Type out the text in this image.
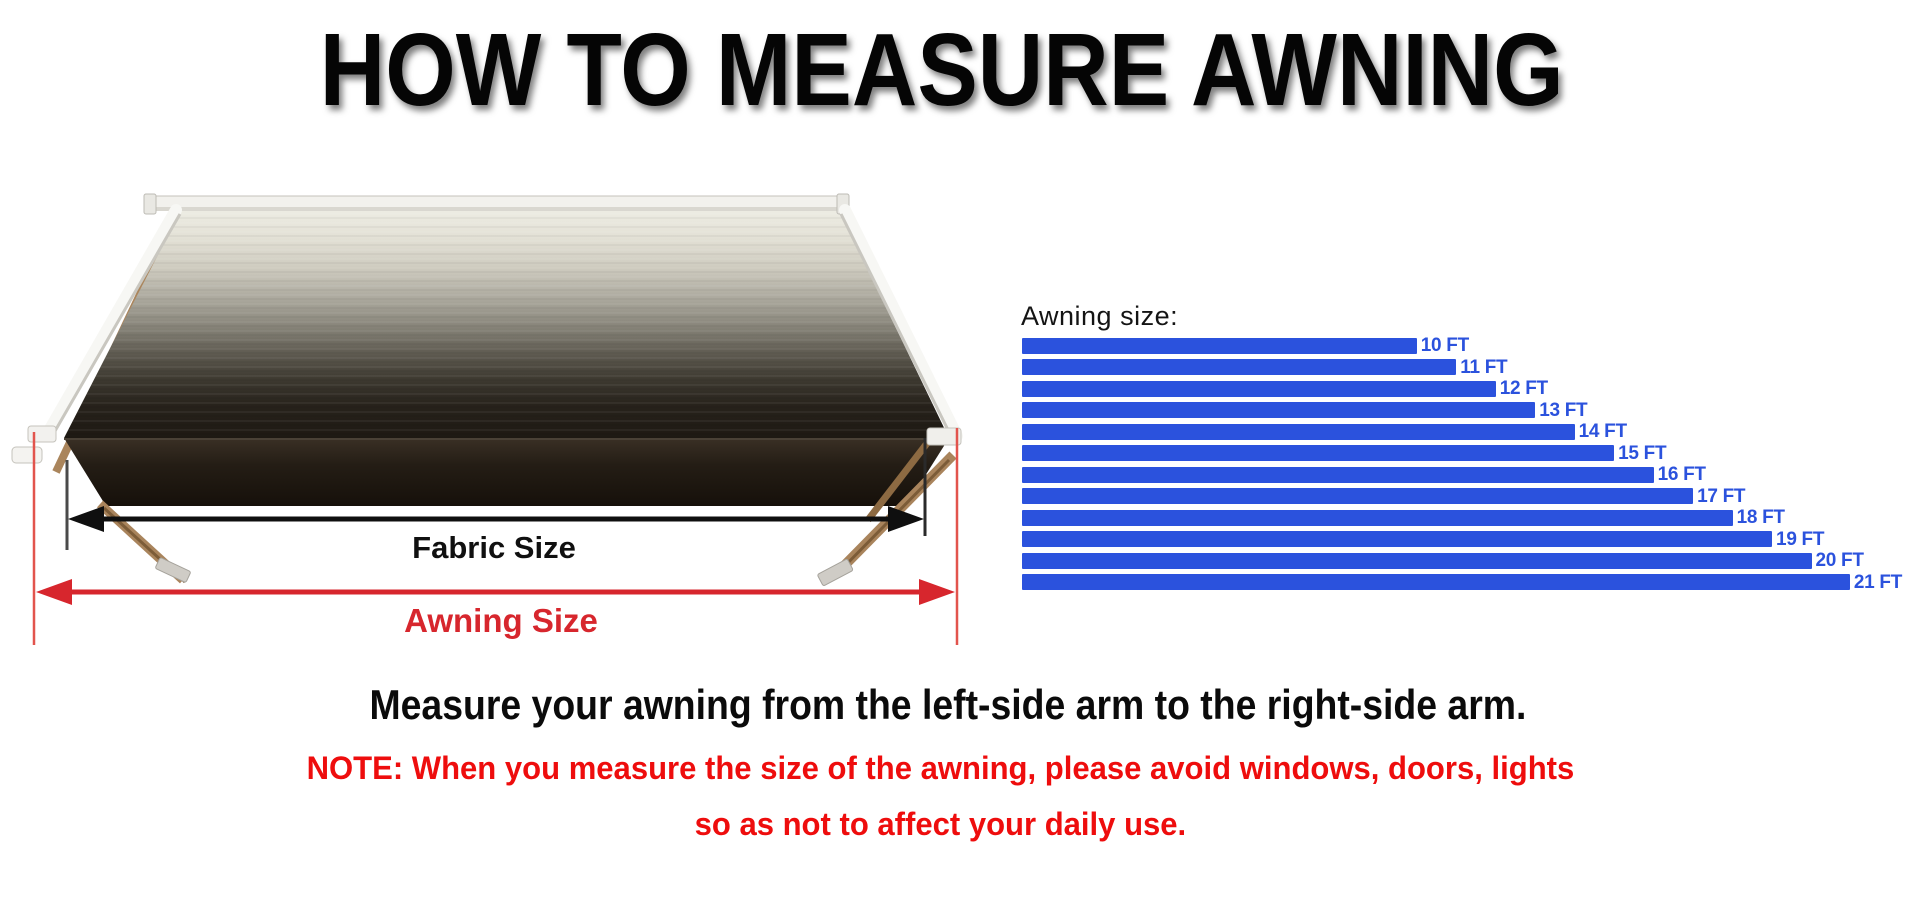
HOW TO MEASURE AWNING
Fabric Size
Awning Size
Awning size:
10 FT
11 FT
12 FT
13 FT
14 FT
15 FT
16 FT
17 FT
18 FT
19 FT
20 FT
21 FT
Measure your awning from the left-side arm to the right-side arm.
NOTE: When you measure the size of the awning, please avoid windows, doors, lights
so as not to affect your daily use.
